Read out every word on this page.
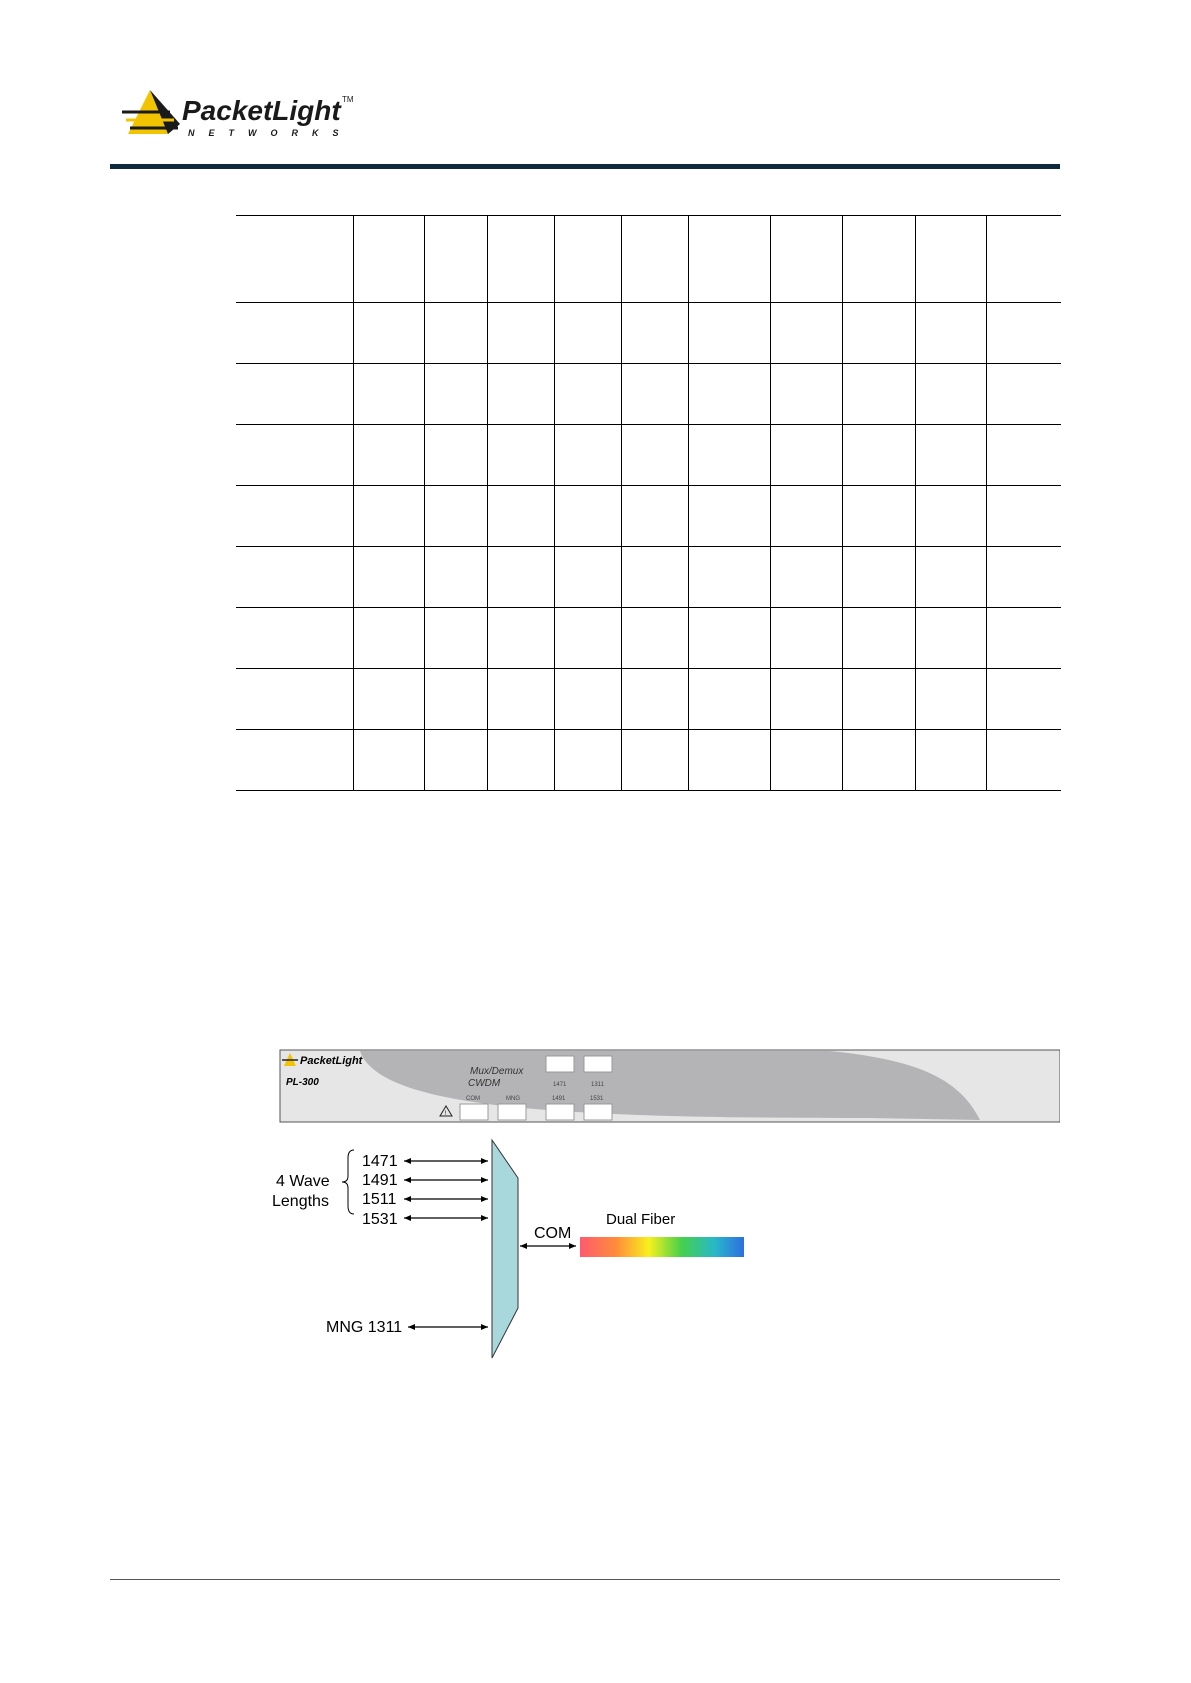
PacketLight TM
NETWORKS

PacketLight
PL-300
Mux/Demux
CWDM
!
1471	1311
COM	MNG	1491	1531
4 Wave
Lengths
1471
1491
1511
1531
MNG 1311
COM
Dual Fiber
